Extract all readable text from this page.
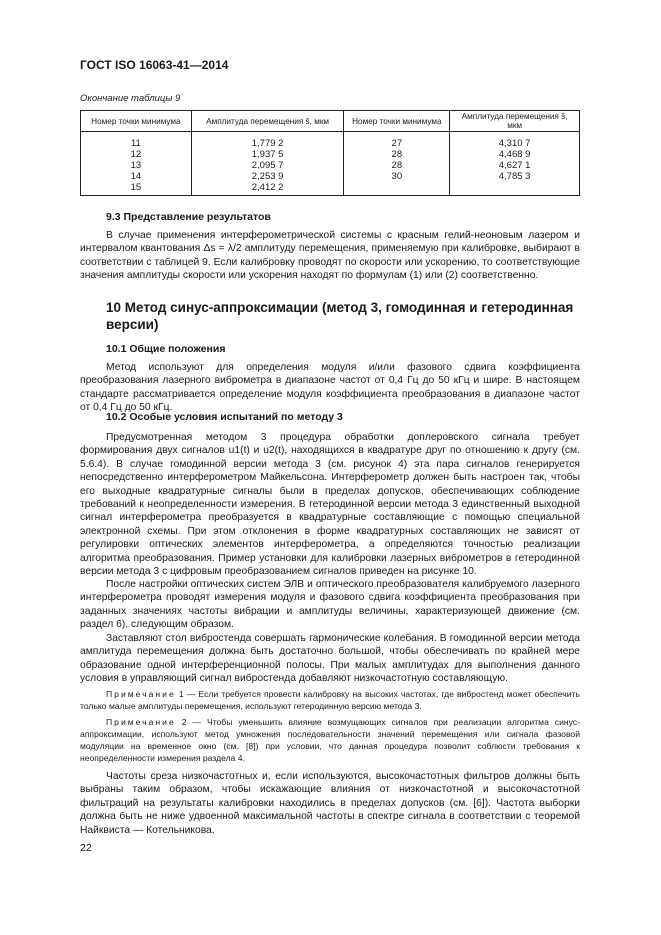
ГОСТ ISO 16063-41—2014
Окончание таблицы 9
Номер точки минимума	Амплитуда перемещения ŝ, мкм	Номер точки минимума	Амплитуда перемещения ŝ, мкм
11	1,779 2	27	4,310 7
12	1,937 5	28	4,468 9
13	2,095 7	28	4,627 1
14	2,253 9	30	4,785 3
15	2,412 2		
9.3 Представление результатов
В случае применения интерферометрической системы с красным гелий-неоновым лазером и интервалом квантования Δs = λ/2 амплитуду перемещения, применяемую при калибровке, выбирают в соответствии с таблицей 9. Если калибровку проводят по скорости или ускорению, то соответствующие значения амплитуды скорости или ускорения находят по формулам (1) или (2) соответственно.
10 Метод синус-аппроксимации (метод 3, гомодинная и гетеродинная версии)
10.1 Общие положения
Метод используют для определения модуля и/или фазового сдвига коэффициента преобразования лазерного виброметра в диапазоне частот от 0,4 Гц до 50 кГц и шире. В настоящем стандарте рассматривается определение модуля коэффициента преобразования в диапазоне частот от 0,4 Гц до 50 кГц.
10.2 Особые условия испытаний по методу 3
Предусмотренная методом 3 процедура обработки доплеровского сигнала требует формирования двух сигналов u1(t) и u2(t), находящихся в квадратуре друг по отношению к другу (см. 5.6.4). В случае гомодинной версии метода 3 (см. рисунок 4) эта пара сигналов генерируется непосредственно интерферометром Майкельсона. Интерферометр должен быть настроен так, чтобы его выходные квадратурные сигналы были в пределах допусков, обеспечивающих соблюдение требований к неопределенности измерения. В гетеродинной версии метода 3 единственный выходной сигнал интерферометра преобразуется в квадратурные составляющие с помощью специальной электронной схемы. При этом отклонения в форме квадратурных составляющих не зависят от регулировки оптических элементов интерферометра, а определяются точностью реализации алгоритма преобразования. Пример установки для калибровки лазерных виброметров в гетеродинной версии метода 3 с цифровым преобразованием сигналов приведен на рисунке 10.
После настройки оптических систем ЭЛВ и оптического преобразователя калибруемого лазерного интерферометра проводят измерения модуля и фазового сдвига коэффициента преобразования при заданных значениях частоты вибрации и амплитуды величины, характеризующей движение (см. раздел 6), следующим образом.
Заставляют стол вибростенда совершать гармонические колебания. В гомодинной версии метода амплитуда перемещения должна быть достаточно большой, чтобы обеспечивать по крайней мере образование одной интерференционной полосы. При малых амплитудах для выполнения данного условия в управляющий сигнал вибростенда добавляют низкочастотную составляющую.
Примечание 1 — Если требуется провести калибровку на высоких частотах, где вибростенд может обеспечить только малые амплитуды перемещения, используют гетеродинную версию метода 3.
Примечание 2 — Чтобы уменьшить влияние возмущающих сигналов при реализации алгоритма синус-аппроксимации, используют метод умножения последовательности значений перемещения или сигнала фазовой модуляции на временное окно (см. [8]) при условии, что данная процедура позволит соблюсти требования к неопределенности измерения раздела 4.
Частоты среза низкочастотных и, если используются, высокочастотных фильтров должны быть выбраны таким образом, чтобы искажающие влияния от низкочастотной и высокочастотной фильтраций на результаты калибровки находились в пределах допусков (см. [6]). Частота выборки должна быть не ниже удвоенной максимальной частоты в спектре сигнала в соответствии с теоремой Найквиста — Котельникова.
22
